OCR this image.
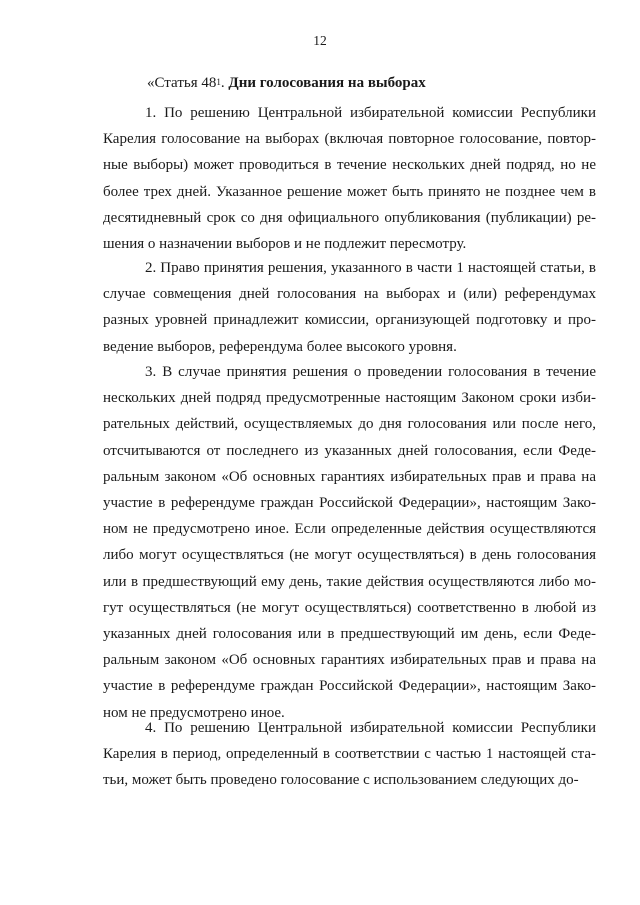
12
«Статья $48^1$. Дни голосования на выборах

1. По решению Центральной избирательной комиссии Республики Карелия голосование на выборах (включая повторное голосование, повторные выборы) может проводиться в течение нескольких дней подряд, но не более трех дней. Указанное решение может быть принято не позднее чем в десятидневный срок со дня официального опубликования (публикации) решения о назначении выборов и не подлежит пересмотру.

2. Право принятия решения, указанного в части 1 настоящей статьи, в случае совмещения дней голосования на выборах и (или) референдумах разных уровней принадлежит комиссии, организующей подготовку и проведение выборов, референдума более высокого уровня.

3. В случае принятия решения о проведении голосования в течение нескольких дней подряд предусмотренные настоящим Законом сроки избирательных действий, осуществляемых до дня голосования или после него, отсчитываются от последнего из указанных дней голосования, если Федеральным законом «Об основных гарантиях избирательных прав и права на участие в референдуме граждан Российской Федерации», настоящим Законом не предусмотрено иное. Если определенные действия осуществляются либо могут осуществляться (не могут осуществляться) в день голосования или в предшествующий ему день, такие действия осуществляются либо могут осуществляться (не могут осуществляться) соответственно в любой из указанных дней голосования или в предшествующий им день, если Федеральным законом «Об основных гарантиях избирательных прав и права на участие в референдуме граждан Российской Федерации», настоящим Законом не предусмотрено иное.

4. По решению Центральной избирательной комиссии Республики Карелия в период, определенный в соответствии с частью 1 настоящей статьи, может быть проведено голосование с использованием следующих до-
